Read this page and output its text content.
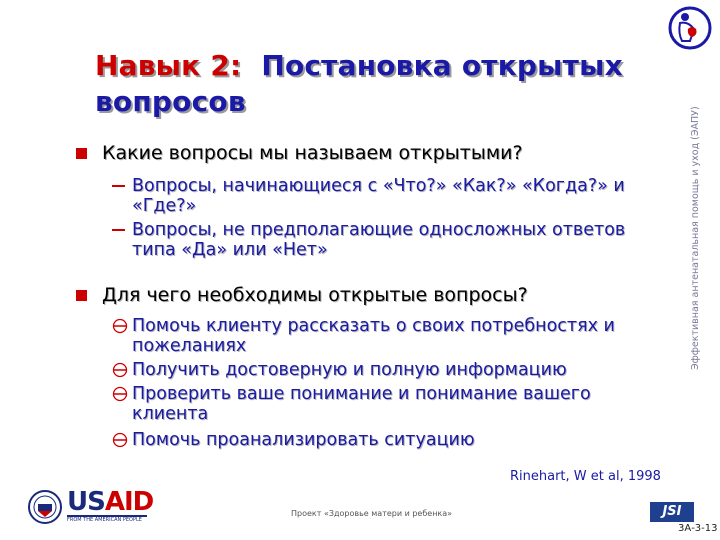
Навык 2: Постановка открытых вопросов
Какие вопросы мы называем открытыми?
Вопросы, начинающиеся с «Что?» «Как?» «Когда?» и «Где?»
Вопросы, не предполагающие односложных ответов типа «Да» или «Нет»
Для чего необходимы открытые вопросы?
Помочь клиенту рассказать о своих потребностях и пожеланиях
Получить достоверную и полную информацию
Проверить ваше понимание и понимание вашего клиента
Помочь проанализировать ситуацию
Rinehart, W et al, 1998
Эффективная антенатальная помощь и уход (ЭАПУ)
USAID
FROM THE AMERICAN PEOPLE
Проект «Здоровье матери и ребенка»	JSI
3А-3-13
